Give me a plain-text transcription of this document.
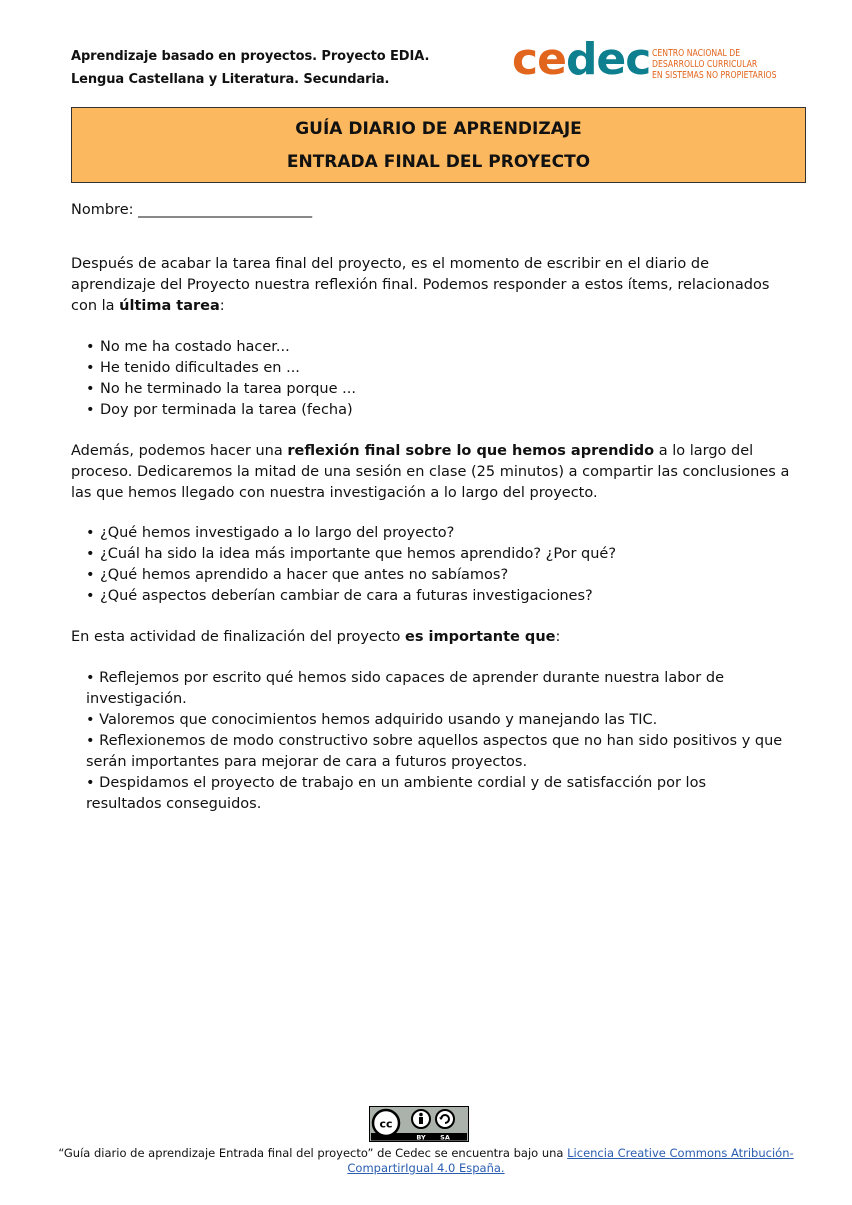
Aprendizaje basado en proyectos. Proyecto EDIA.
Lengua Castellana y Literatura. Secundaria.	cedec CENTRO NACIONAL DE
DESARROLLO CURRICULAR
EN SISTEMAS NO PROPIETARIOS
GUÍA DIARIO DE APRENDIZAJE
ENTRADA FINAL DEL PROYECTO
Nombre: ________________________
Después de acabar la tarea final del proyecto, es el momento de escribir en el diario de aprendizaje del Proyecto nuestra reflexión final. Podemos responder a estos ítems, relacionados con la última tarea:
• No me ha costado hacer...
• He tenido dificultades en ...
• No he terminado la tarea porque ...
• Doy por terminada la tarea (fecha)
Además, podemos hacer una reflexión final sobre lo que hemos aprendido a lo largo del proceso. Dedicaremos la mitad de una sesión en clase (25 minutos) a compartir las conclusiones a las que hemos llegado con nuestra investigación a lo largo del proyecto.
• ¿Qué hemos investigado a lo largo del proyecto?
• ¿Cuál ha sido la idea más importante que hemos aprendido? ¿Por qué?
• ¿Qué hemos aprendido a hacer que antes no sabíamos?
• ¿Qué aspectos deberían cambiar de cara a futuras investigaciones?
En esta actividad de finalización del proyecto es importante que:
• Reflejemos por escrito qué hemos sido capaces de aprender durante nuestra labor de investigación.
• Valoremos que conocimientos hemos adquirido usando y manejando las TIC.
• Reflexionemos de modo constructivo sobre aquellos aspectos que no han sido positivos y que serán importantes para mejorar de cara a futuros proyectos.
• Despidamos el proyecto de trabajo en un ambiente cordial y de satisfacción por los resultados conseguidos.
cc
BY SA
“Guía diario de aprendizaje Entrada final del proyecto” de Cedec se encuentra bajo una Licencia Creative Commons Atribución-CompartirIgual 4.0 España.
